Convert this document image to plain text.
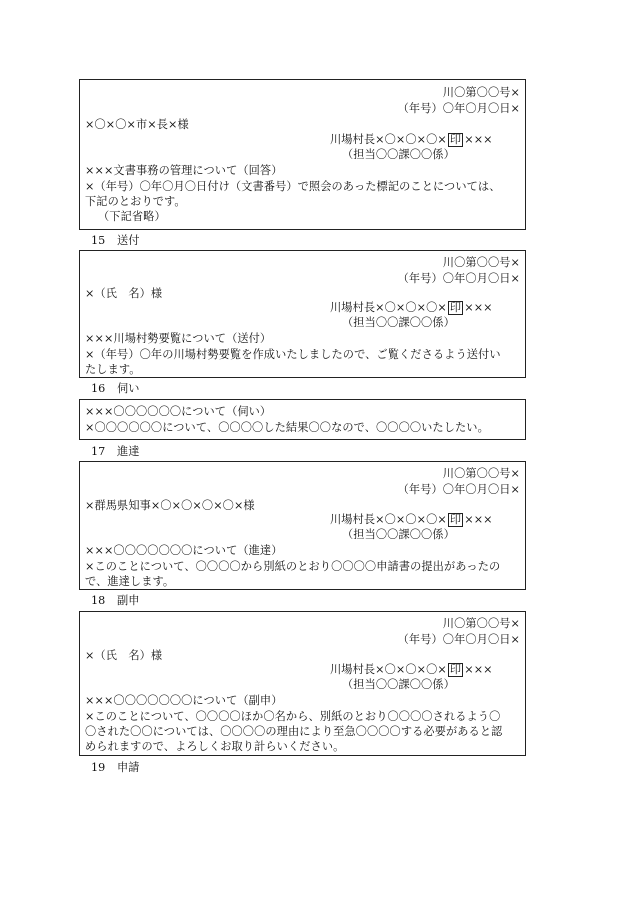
川〇第〇〇号×
（年号）〇年〇月〇日×
×〇×〇×市×長×様
川場村長×〇×〇×〇× 印 ×××
（担当〇〇課〇〇係）
×××文書事務の管理について（回答）
×（年号）〇年〇月〇日付け（文書番号）で照会のあった標記のことについては、
下記のとおりです。
（下記省略）
15 送付
川〇第〇〇号×
（年号）〇年〇月〇日×
×（氏　名）様
川場村長×〇×〇×〇× 印 ×××
（担当〇〇課〇〇係）
×××川場村勢要覧について（送付）
×（年号）〇年の川場村勢要覧を作成いたしましたので、ご覧くださるよう送付い
たします。
16 伺い
×××〇〇〇〇〇〇について（伺い）
×〇〇〇〇〇〇について、〇〇〇〇した結果〇〇なので、〇〇〇〇いたしたい。
17 進達
川〇第〇〇号×
（年号）〇年〇月〇日×
×群馬県知事×〇×〇×〇×〇×様
川場村長×〇×〇×〇× 印 ×××
（担当〇〇課〇〇係）
×××〇〇〇〇〇〇〇について（進達）
×このことについて、〇〇〇〇から別紙のとおり〇〇〇〇申請書の提出があったの
で、進達します。
18 副申
川〇第〇〇号×
（年号）〇年〇月〇日×
×（氏　名）様
川場村長×〇×〇×〇× 印 ×××
（担当〇〇課〇〇係）
×××〇〇〇〇〇〇〇について（副申）
×このことについて、〇〇〇〇ほか〇名から、別紙のとおり〇〇〇〇されるよう〇
〇された〇〇については、〇〇〇〇の理由により至急〇〇〇〇する必要があると認
められますので、よろしくお取り計らいください。
19 申請
